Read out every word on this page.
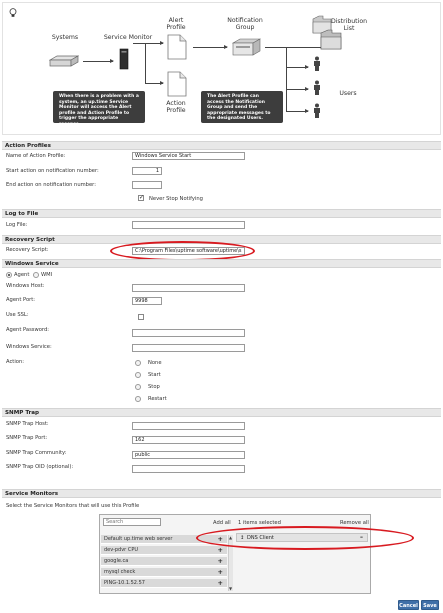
Systems	Service Monitor
Alert
Profile
Action
Profile
Notification
Group
Distribution
List
Users
When there is a problem with a system, an up.time Service Monitor will access the Alert profile and Action Profile to trigger the appropriate resonse.
The Alert Profile can access the Notification Group and send the appropriate messages to the designated Users.
Action Profiles
Name of Action Profile:	Windows Service Start
Start action on notification number:	1
End action on notification number:
✓
Never Stop Notifying
Log to File
Log File:
Recovery Script
Recovery Script:	C:\Program Files\uptime software\uptime\s
Windows Service
Agent WMI
Windows Host:
Agent Port:	9998
Use SSL:
Agent Password:
Windows Service:
Action:	None
Start
Stop
Restart
SNMP Trap
SNMP Trap Host:
SNMP Trap Port:	162
SNMP Trap Community:	public
SNMP Trap OID (optional):
Service Monitors
Select the Service Monitors that will use this Profile
Search
Add all 1 items selected	Remove all
Default up.time web server	+
dev-pdvr CPU	+
google.ca	+
mysql check	+
PING-10.1.52.57	+
▲
▼
↕ DNS Client	–
Cancel	Save
